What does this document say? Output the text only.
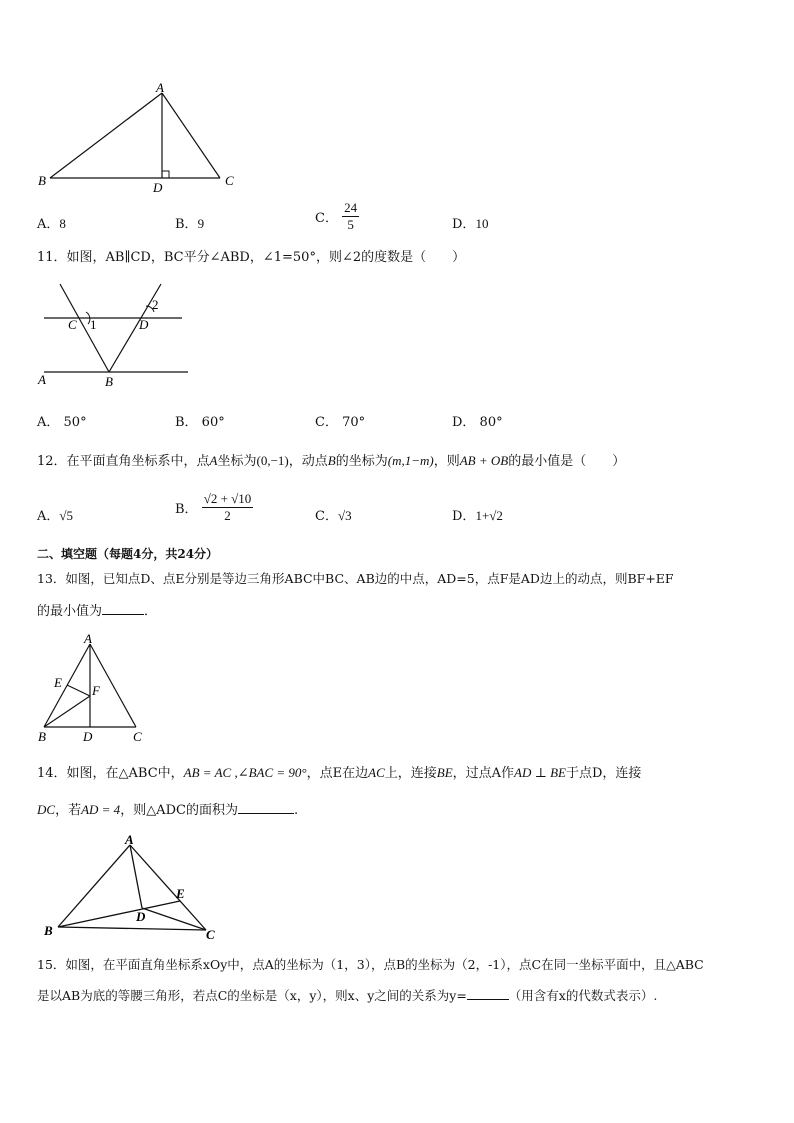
A
B	C
D
A．8	B．9	C． $\frac{24}{5}$	D．10
11．如图，AB∥CD，BC平分∠ABD，∠1=50°，则∠2的度数是（　　）
C 1	D
2
A	B
A． 50°	B． 60°	C． 70°	D． 80°
12．在平面直角坐标系中，点A坐标为(0,−1)，动点B的坐标为(m,1−m)，则AB + OB的最小值是（　　）
A．√5	B． $\frac{√2 + √10}{2}$	C．√3	D．1+√2
二、填空题（每题4分，共24分）
13．如图，已知点D、点E分别是等边三角形ABC中BC、AB边的中点，AD=5，点F是AD边上的动点，则BF+EF
的最小值为	．
A
E
F
B	D	C
14．如图，在△ABC中，AB = AC ,∠BAC = 90°，点E在边AC上，连接BE，过点A作AD ⊥ BE于点D，连接
DC，若AD = 4，则△ADC的面积为	.
A
E
D
B	C
15．如图，在平面直角坐标系xOy中，点A的坐标为（1，3），点B的坐标为（2，-1），点C在同一坐标平面中，且△ABC
是以AB为底的等腰三角形，若点C的坐标是（x，y），则x、y之间的关系为y=	（用含有x的代数式表示）.
